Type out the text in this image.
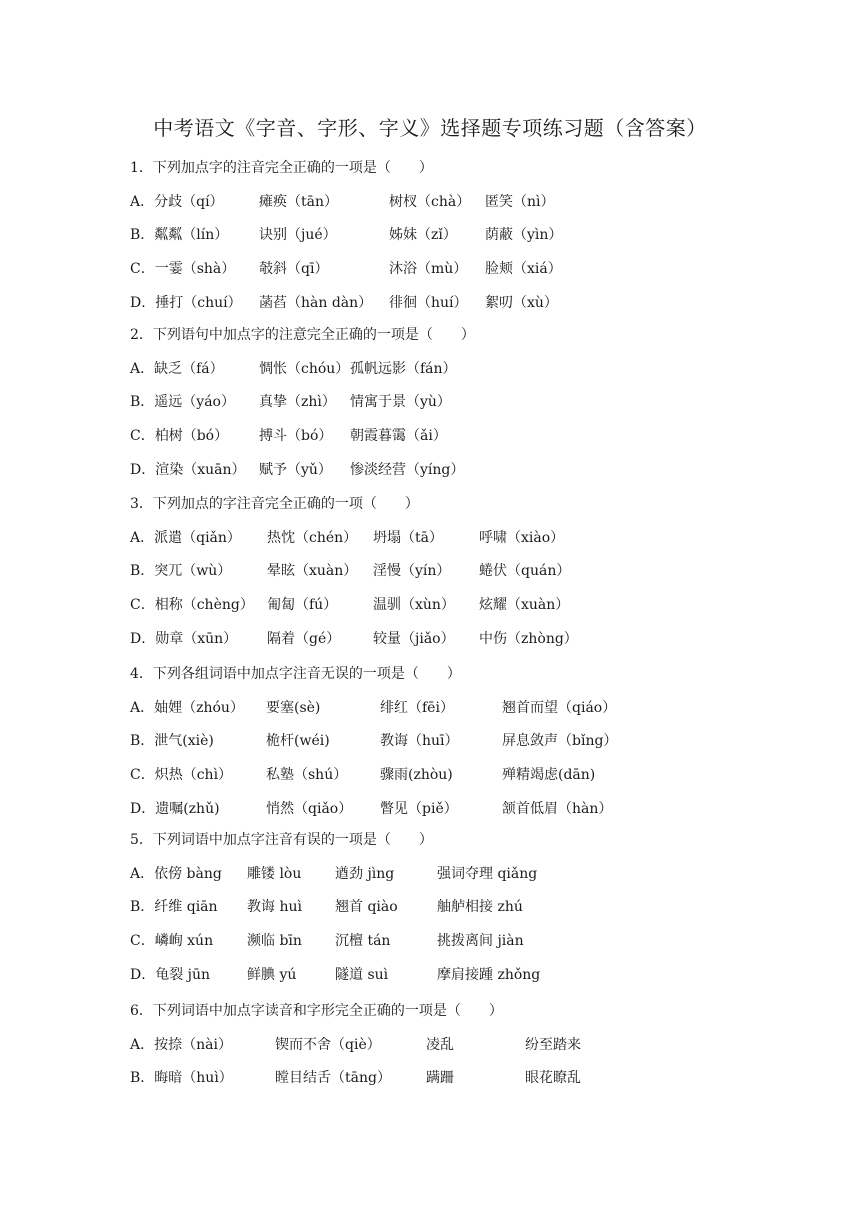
中考语文《字音、字形、字义》选择题专项练习题（含答案）
1．下列加点字的注音完全正确的一项是（　　）
A．分歧（qí）	瘫痪（tān）	树杈（chà） 匿笑（nì）
B．粼粼（lín） 诀别（jué）	姊妹（zǐ） 荫蔽（yìn）
C．一霎（shà） 攲斜（qī）	沐浴（mù） 脸颊（xiá）
D．捶打（chuí） 菡萏（hàn dàn） 徘徊（huí） 絮叨（xù）
2．下列语句中加点字的注意完全正确的一项是（　　）
A．缺乏（fá）	惆怅（chóu） 孤帆远影（fán）
B．遥远（yáo） 真挚（zhì） 情寓于景（yù）
C．柏树（bó） 搏斗（bó） 朝霞暮霭（ǎi）
D．渲染（xuān） 赋予（yǔ） 惨淡经营（yíng）
3．下列加点的字注音完全正确的一项（　　）
A．派遣（qiǎn） 热忱（chén） 坍塌（tā）	呼啸（xiào）
B．突兀（wù）	晕眩（xuàn） 淫慢（yín） 蜷伏（quán）
C．相称（chèng） 匍匐（fú）	温驯（xùn） 炫耀（xuàn）
D．勋章（xūn） 隔着（gé） 较量（jiǎo） 中伤（zhòng）
4．下列各组词语中加点字注音无误的一项是（　　）
A．妯娌（zhóu） 要塞(sè)	绯红（fēi）	翘首而望（qiáo）
B．泄气(xiè)	桅杆(wéi)	教诲（huī）	屏息敛声（bǐng）
C．炽热（chì） 私塾（shú） 骤雨(zhòu)	殚精竭虑(dān)
D．遗嘱(zhǔ)	悄然（qiǎo） 瞥见（piě）	颔首低眉（hàn）
5．下列词语中加点字注音有误的一项是（　　）
A．依傍 bàng 雕镂 lòu 遒劲 jìng	强词夺理 qiǎng
B．纤维 qiān 教诲 huì 翘首 qiào	舳舻相接 zhú
C．嶙峋 xún 濒临 bīn 沉檀 tán	挑拨离间 jiàn
D．龟裂 jūn	鲜腆 yú	隧道 suì	摩肩接踵 zhǒng
6．下列词语中加点字读音和字形完全正确的一项是（　　）
A．按捺（nài）	锲而不舍（qiè）	凌乱	纷至踏来
B．晦暗（huì）	瞠目结舌（tāng）	蹒跚	眼花瞭乱
